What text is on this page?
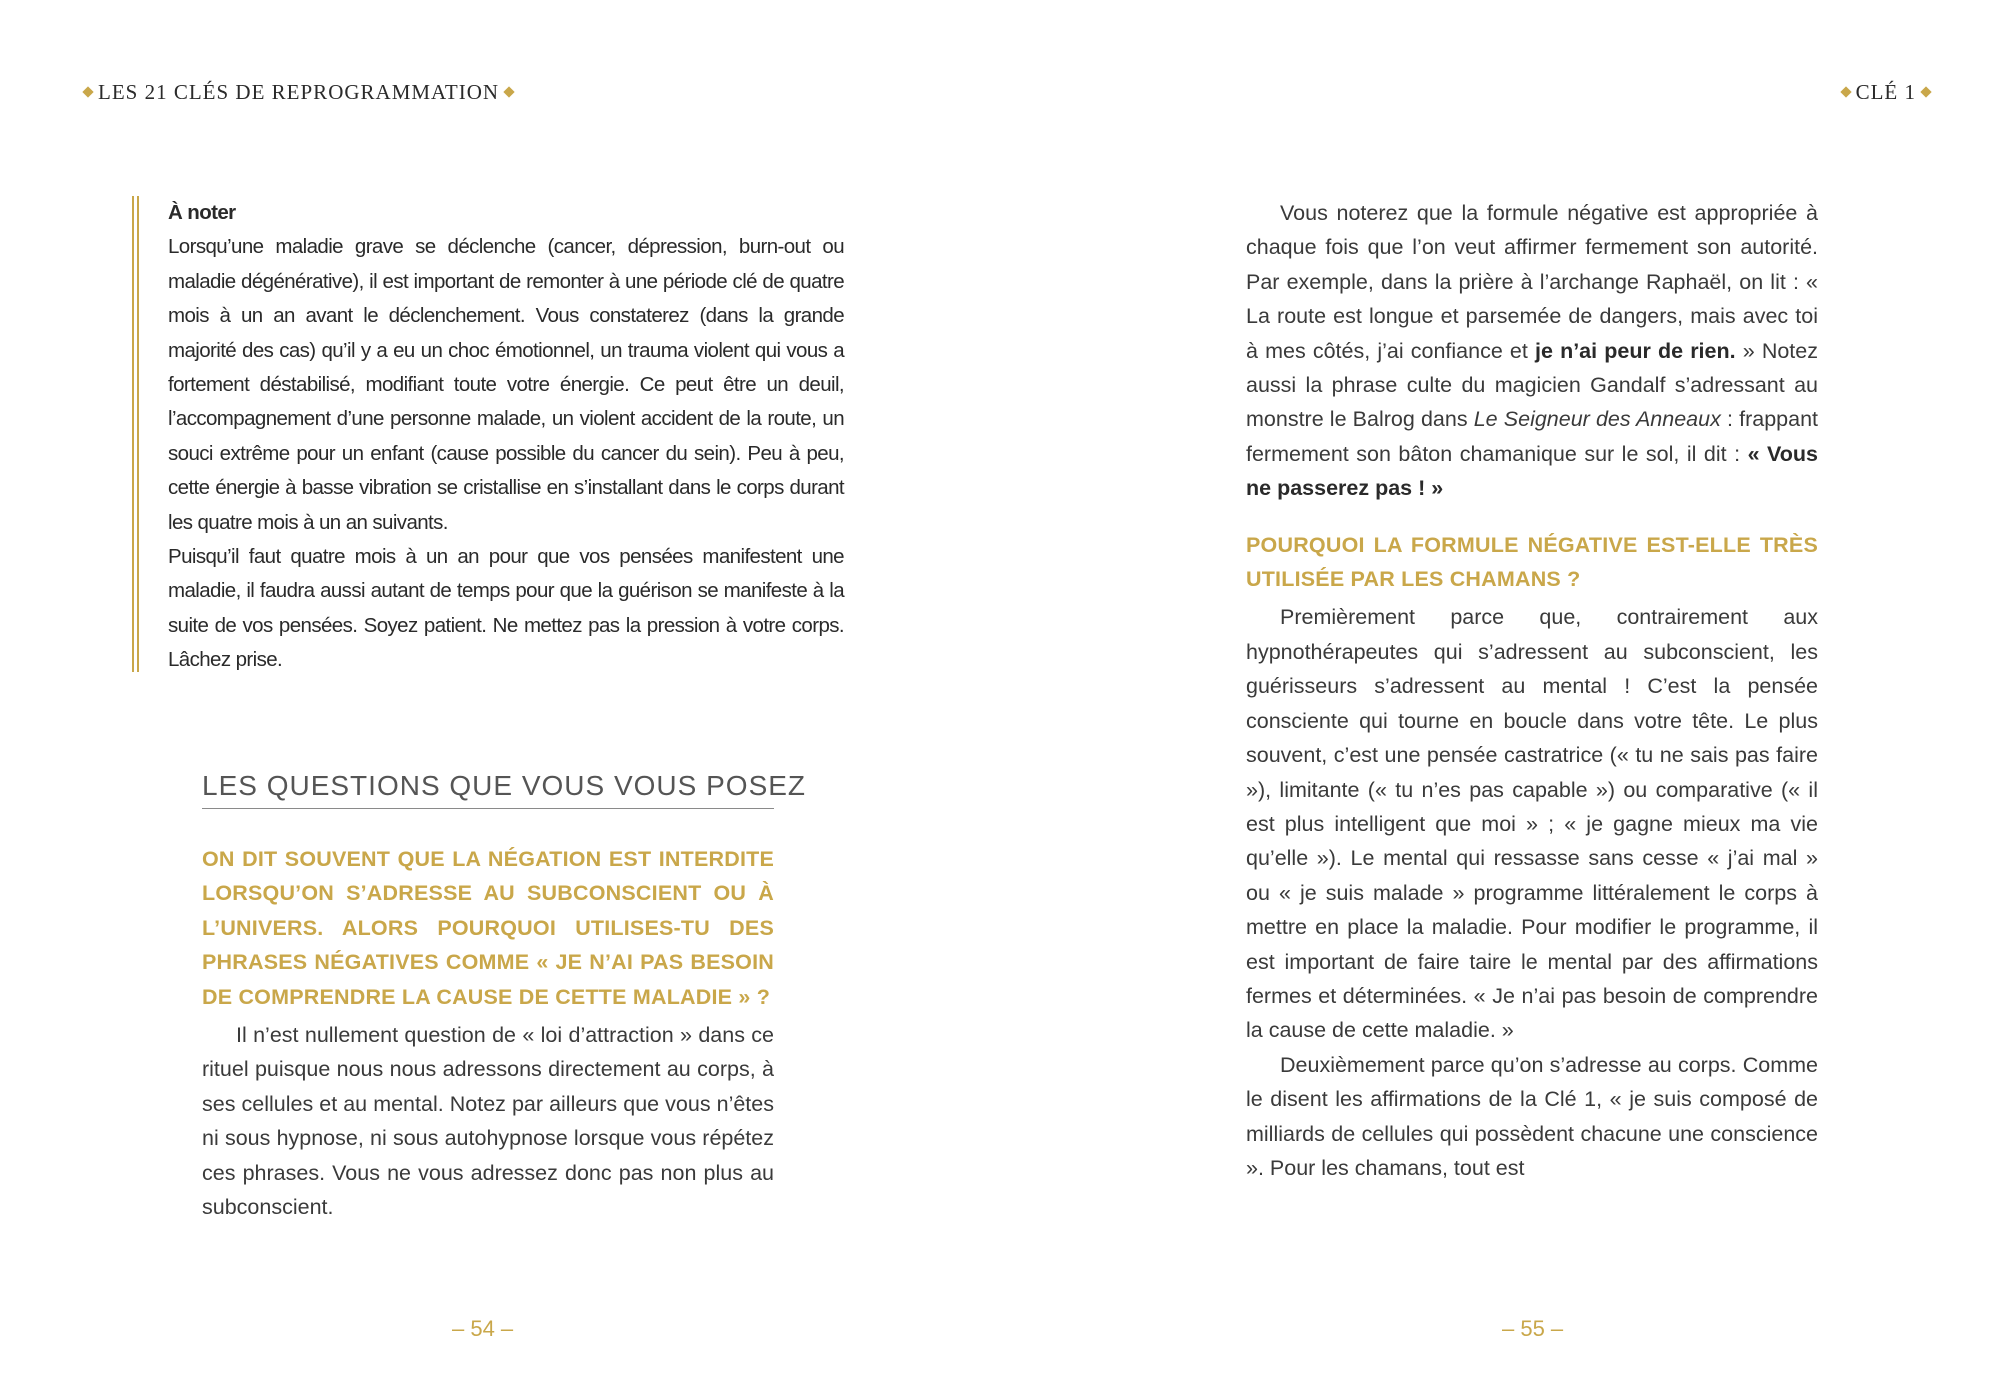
LES 21 CLÉS DE REPROGRAMMATION	CLÉ 1

À noter

Lorsqu’une maladie grave se déclenche (cancer, dépression, burn-out ou maladie dégénérative), il est important de remonter à une période clé de quatre mois à un an avant le déclenchement. Vous constaterez (dans la grande majorité des cas) qu’il y a eu un choc émotionnel, un trauma violent qui vous a fortement déstabilisé, modifiant toute votre énergie. Ce peut être un deuil, l’accompagnement d’une personne malade, un violent accident de la route, un souci extrême pour un enfant (cause possible du cancer du sein). Peu à peu, cette énergie à basse vibration se cristallise en s’installant dans le corps durant les quatre mois à un an suivants.

Puisqu’il faut quatre mois à un an pour que vos pensées manifestent une maladie, il faudra aussi autant de temps pour que la guérison se manifeste à la suite de vos pensées. Soyez patient. Ne mettez pas la pression à votre corps. Lâchez prise.

LES QUESTIONS QUE VOUS VOUS POSEZ

ON DIT SOUVENT QUE LA NÉGATION EST INTERDITE LORSQU’ON S’ADRESSE AU SUBCONSCIENT OU À L’UNIVERS. ALORS POURQUOI UTILISES-TU DES PHRASES NÉGATIVES COMME « JE N’AI PAS BESOIN DE COMPRENDRE LA CAUSE DE CETTE MALADIE » ?

Il n’est nullement question de « loi d’attraction » dans ce rituel puisque nous nous adressons directement au corps, à ses cellules et au mental. Notez par ailleurs que vous n’êtes ni sous hypnose, ni sous autohypnose lorsque vous répétez ces phrases. Vous ne vous adressez donc pas non plus au subconscient.

Vous noterez que la formule négative est appropriée à chaque fois que l’on veut affirmer fermement son autorité. Par exemple, dans la prière à l’archange Raphaël, on lit : « La route est longue et parsemée de dangers, mais avec toi à mes côtés, j’ai confiance et je n’ai peur de rien. » Notez aussi la phrase culte du magicien Gandalf s’adressant au monstre le Balrog dans Le Seigneur des Anneaux : frappant fermement son bâton chamanique sur le sol, il dit : « Vous ne passerez pas ! »

POURQUOI LA FORMULE NÉGATIVE EST-ELLE TRÈS UTILISÉE PAR LES CHAMANS ?

Premièrement parce que, contrairement aux hypnothérapeutes qui s’adressent au subconscient, les guérisseurs s’adressent au mental ! C’est la pensée consciente qui tourne en boucle dans votre tête. Le plus souvent, c’est une pensée castratrice (« tu ne sais pas faire »), limitante (« tu n’es pas capable ») ou comparative (« il est plus intelligent que moi » ; « je gagne mieux ma vie qu’elle »). Le mental qui ressasse sans cesse « j’ai mal » ou « je suis malade » programme littéralement le corps à mettre en place la maladie. Pour modifier le programme, il est important de faire taire le mental par des affirmations fermes et déterminées. « Je n’ai pas besoin de comprendre la cause de cette maladie. »

Deuxièmement parce qu’on s’adresse au corps. Comme le disent les affirmations de la Clé 1, « je suis composé de milliards de cellules qui possèdent chacune une conscience ». Pour les chamans, tout est

– 54 –	– 55 –
